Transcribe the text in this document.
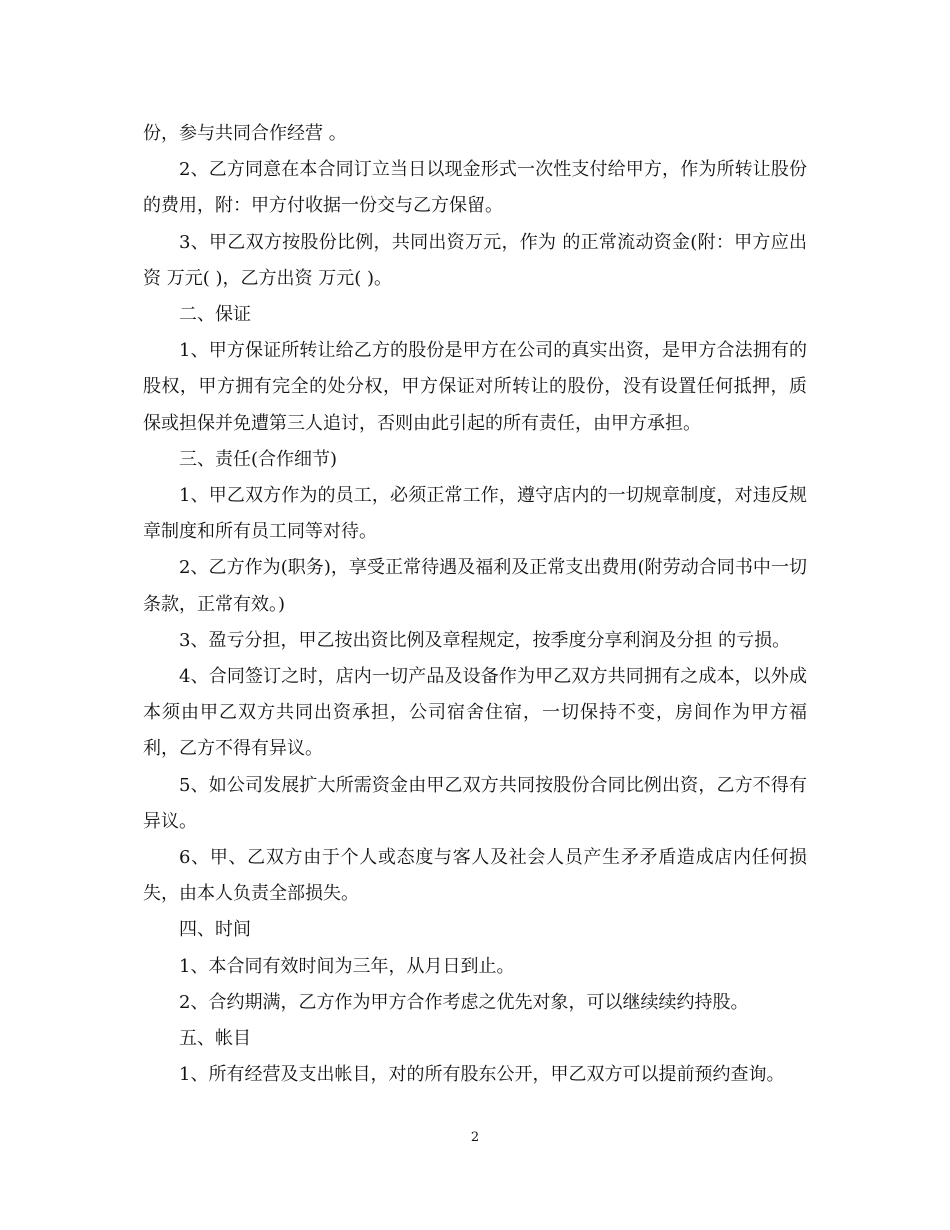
份，参与共同合作经营 。

2、乙方同意在本合同订立当日以现金形式一次性支付给甲方，作为所转让股份的费用，附：甲方付收据一份交与乙方保留。

3、甲乙双方按股份比例，共同出资万元，作为 的正常流动资金(附：甲方应出资 万元( )，乙方出资 万元( )。

二、保证

1、甲方保证所转让给乙方的股份是甲方在公司的真实出资，是甲方合法拥有的股权，甲方拥有完全的处分权，甲方保证对所转让的股份，没有设置任何抵押，质保或担保并免遭第三人追讨，否则由此引起的所有责任，由甲方承担。

三、责任(合作细节)

1、甲乙双方作为的员工，必须正常工作，遵守店内的一切规章制度，对违反规章制度和所有员工同等对待。

2、乙方作为(职务)，享受正常待遇及福利及正常支出费用(附劳动合同书中一切条款，正常有效。)

3、盈亏分担，甲乙按出资比例及章程规定，按季度分享利润及分担 的亏损。

4、合同签订之时，店内一切产品及设备作为甲乙双方共同拥有之成本，以外成本须由甲乙双方共同出资承担，公司宿舍住宿，一切保持不变，房间作为甲方福利，乙方不得有异议。

5、如公司发展扩大所需资金由甲乙双方共同按股份合同比例出资，乙方不得有异议。

6、甲、乙双方由于个人或态度与客人及社会人员产生矛矛盾造成店内任何损失，由本人负责全部损失。

四、时间

1、本合同有效时间为三年，从月日到止。

2、合约期满，乙方作为甲方合作考虑之优先对象，可以继续续约持股。

五、帐目

1、所有经营及支出帐目，对的所有股东公开，甲乙双方可以提前预约查询。

2
